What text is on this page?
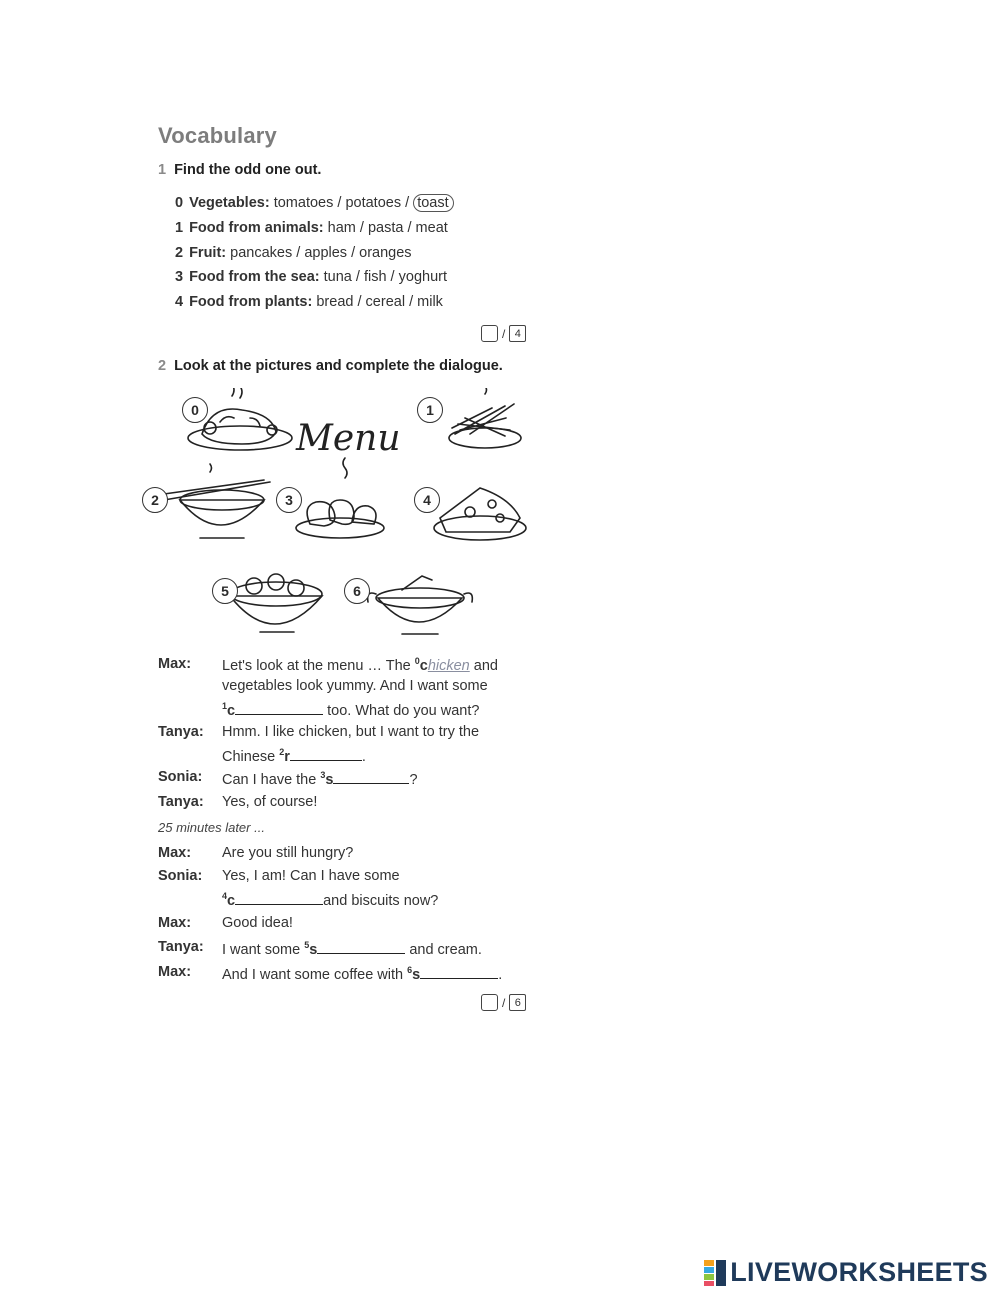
Vocabulary
1 Find the odd one out.
0 Vegetables: tomatoes / potatoes / toast
1 Food from animals: ham / pasta / meat
2 Fruit: pancakes / apples / oranges
3 Food from the sea: tuna / fish / yoghurt
4 Food from plants: bread / cereal / milk
/ 4
2 Look at the pictures and complete the dialogue.
Menu
0	1
2	3	4
5	6
Max: Let's look at the menu … The $^0$chicken and
vegetables look yummy. And I want some
$^1$c	too. What do you want?
Tanya: Hmm. I like chicken, but I want to try the
Chinese $^2$r	.
Sonia: Can I have the $^3$s	?
Tanya: Yes, of course!
25 minutes later ...
Max: Are you still hungry?
Sonia: Yes, I am! Can I have some
$^4$c	and biscuits now?
Max: Good idea!
Tanya: I want some $^5$s	and cream.
Max: And I want some coffee with $^6$s	.
/ 6
LIVEWORKSHEETS
